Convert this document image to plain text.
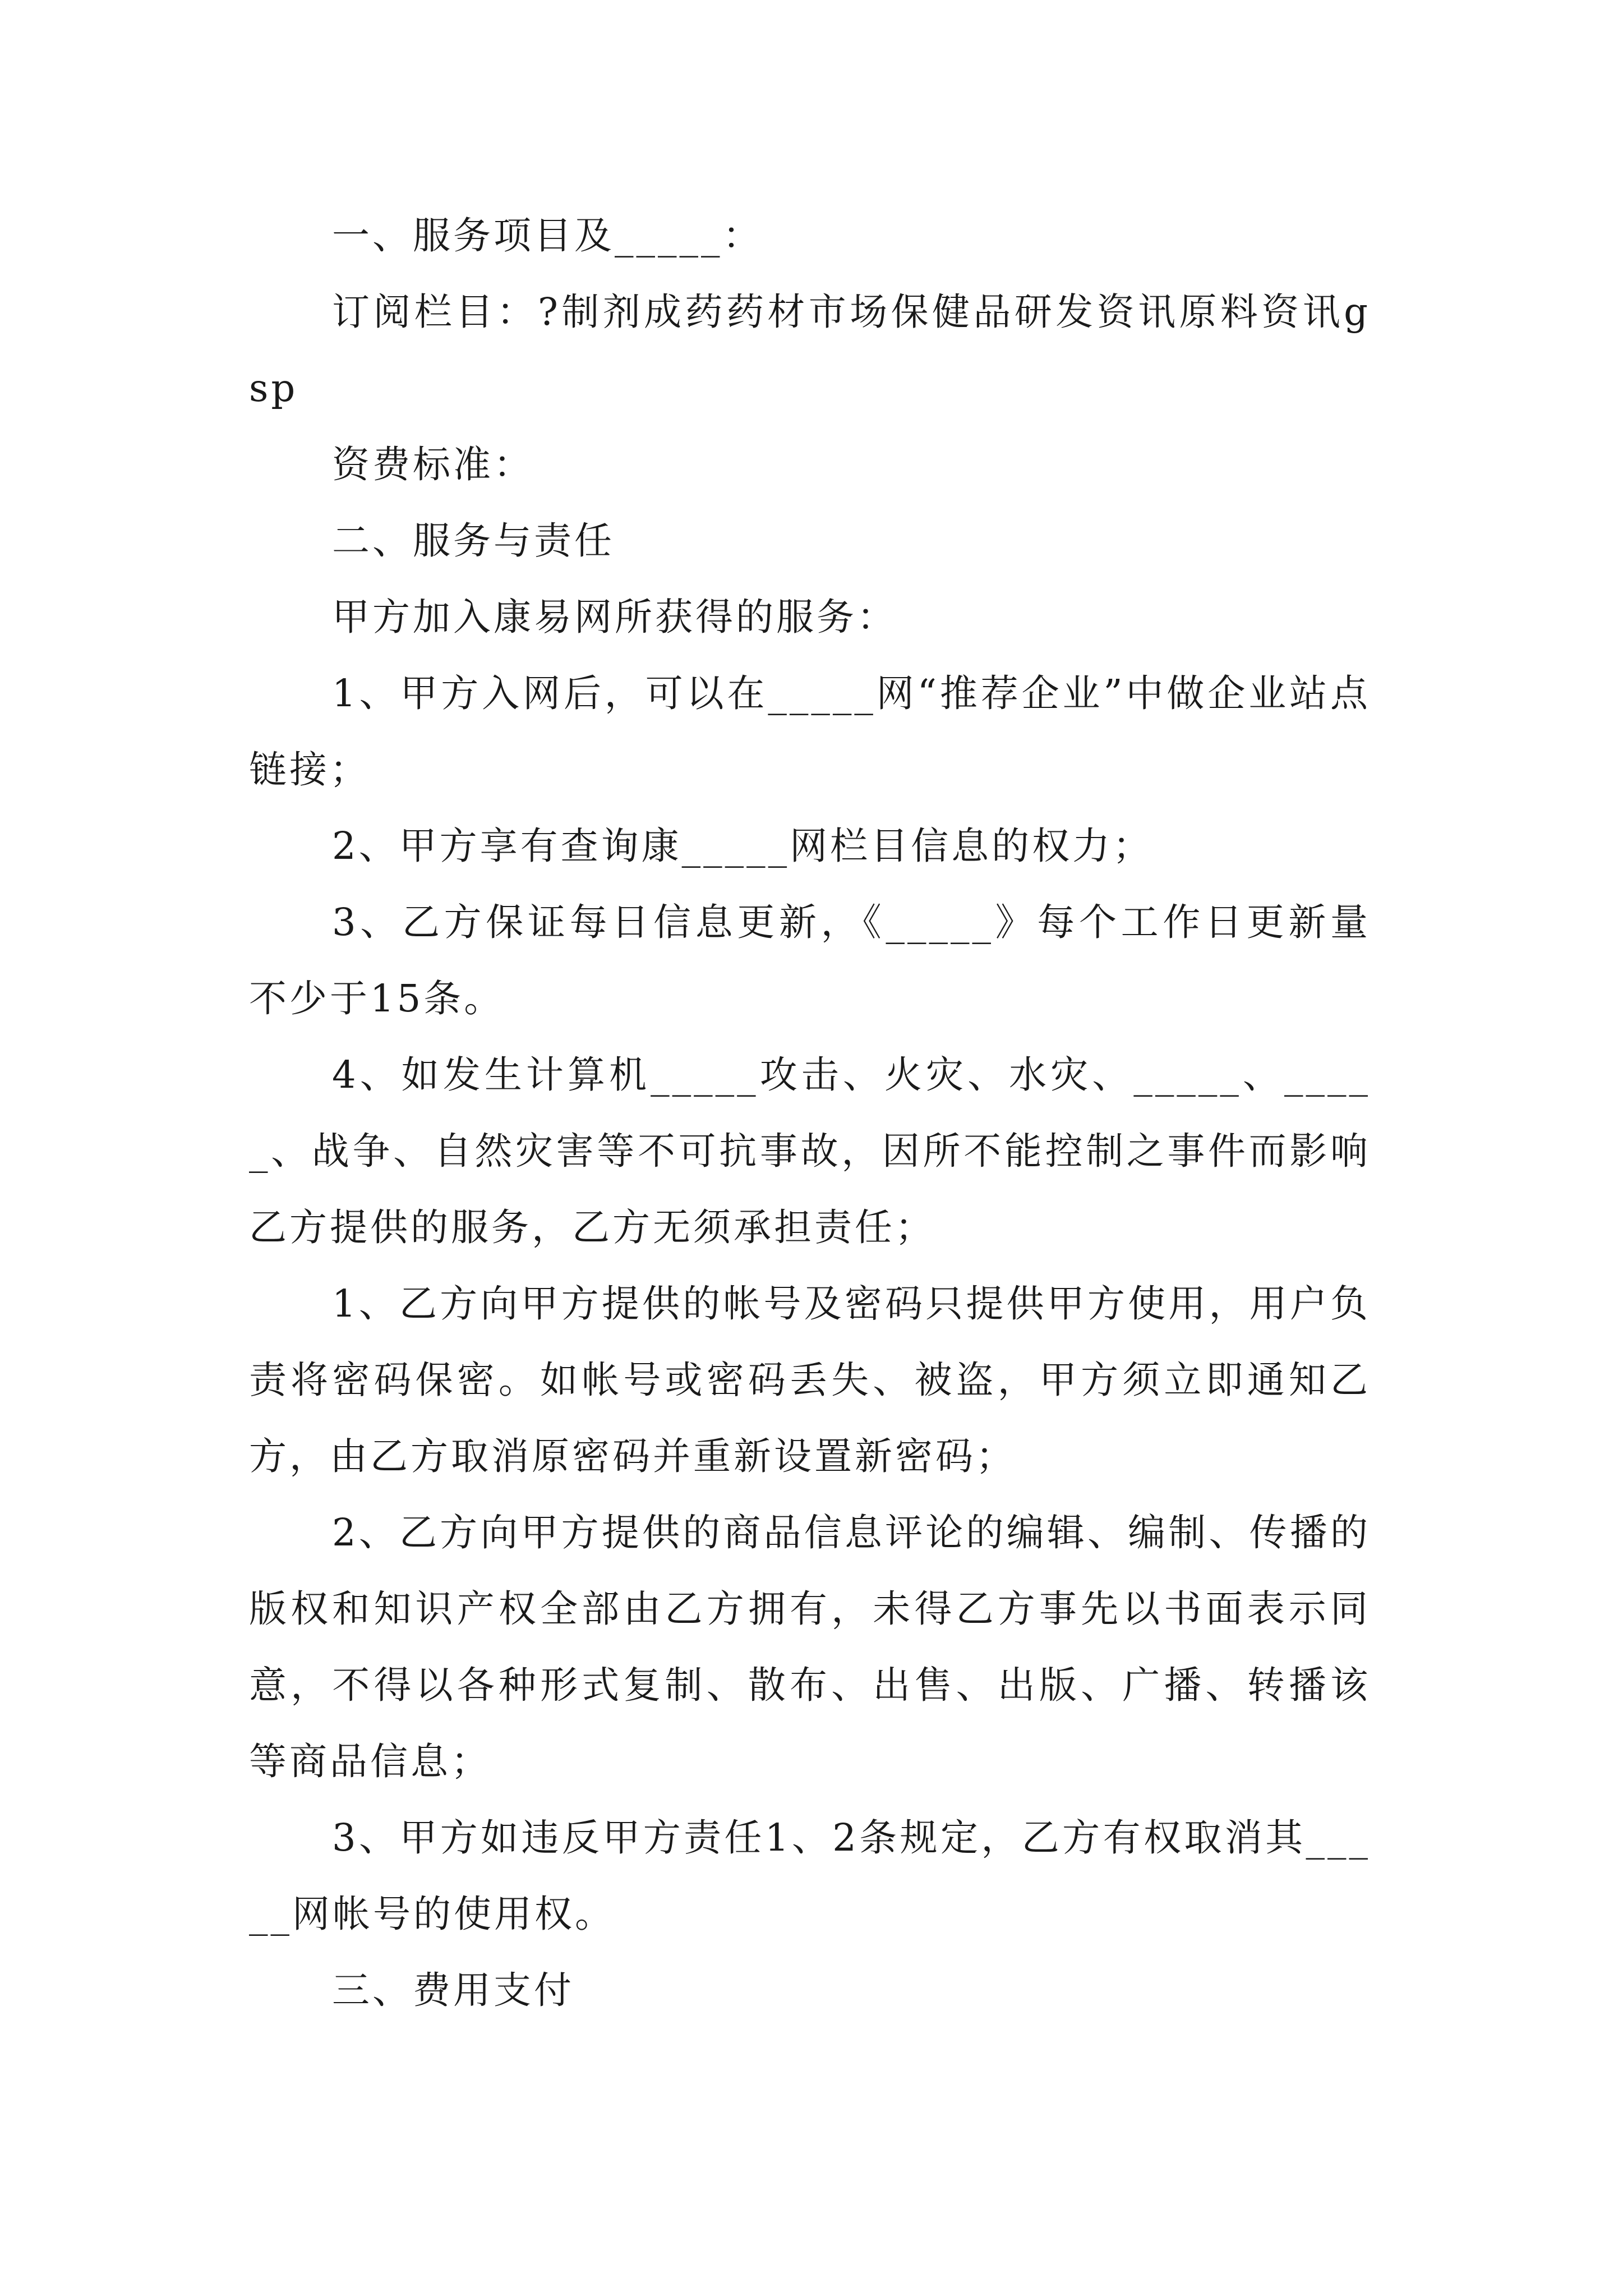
一、服务项目及_____：

订阅栏目：?制剂成药药材市场保健品研发资讯原料资讯gsp

资费标准：

二、服务与责任

甲方加入康易网所获得的服务：

1、甲方入网后，可以在_____网“推荐企业”中做企业站点链接；

2、甲方享有查询康_____网栏目信息的权力；

3、乙方保证每日信息更新，《_____》每个工作日更新量不少于15条。

4、如发生计算机_____攻击、火灾、水灾、_____、_____、战争、自然灾害等不可抗事故，因所不能控制之事件而影响乙方提供的服务，乙方无须承担责任；

1、乙方向甲方提供的帐号及密码只提供甲方使用，用户负责将密码保密。如帐号或密码丢失、被盗，甲方须立即通知乙方，由乙方取消原密码并重新设置新密码；

2、乙方向甲方提供的商品信息评论的编辑、编制、传播的版权和知识产权全部由乙方拥有，未得乙方事先以书面表示同意，不得以各种形式复制、散布、出售、出版、广播、转播该等商品信息；

3、甲方如违反甲方责任1、2条规定，乙方有权取消其_____网帐号的使用权。

三、费用支付
